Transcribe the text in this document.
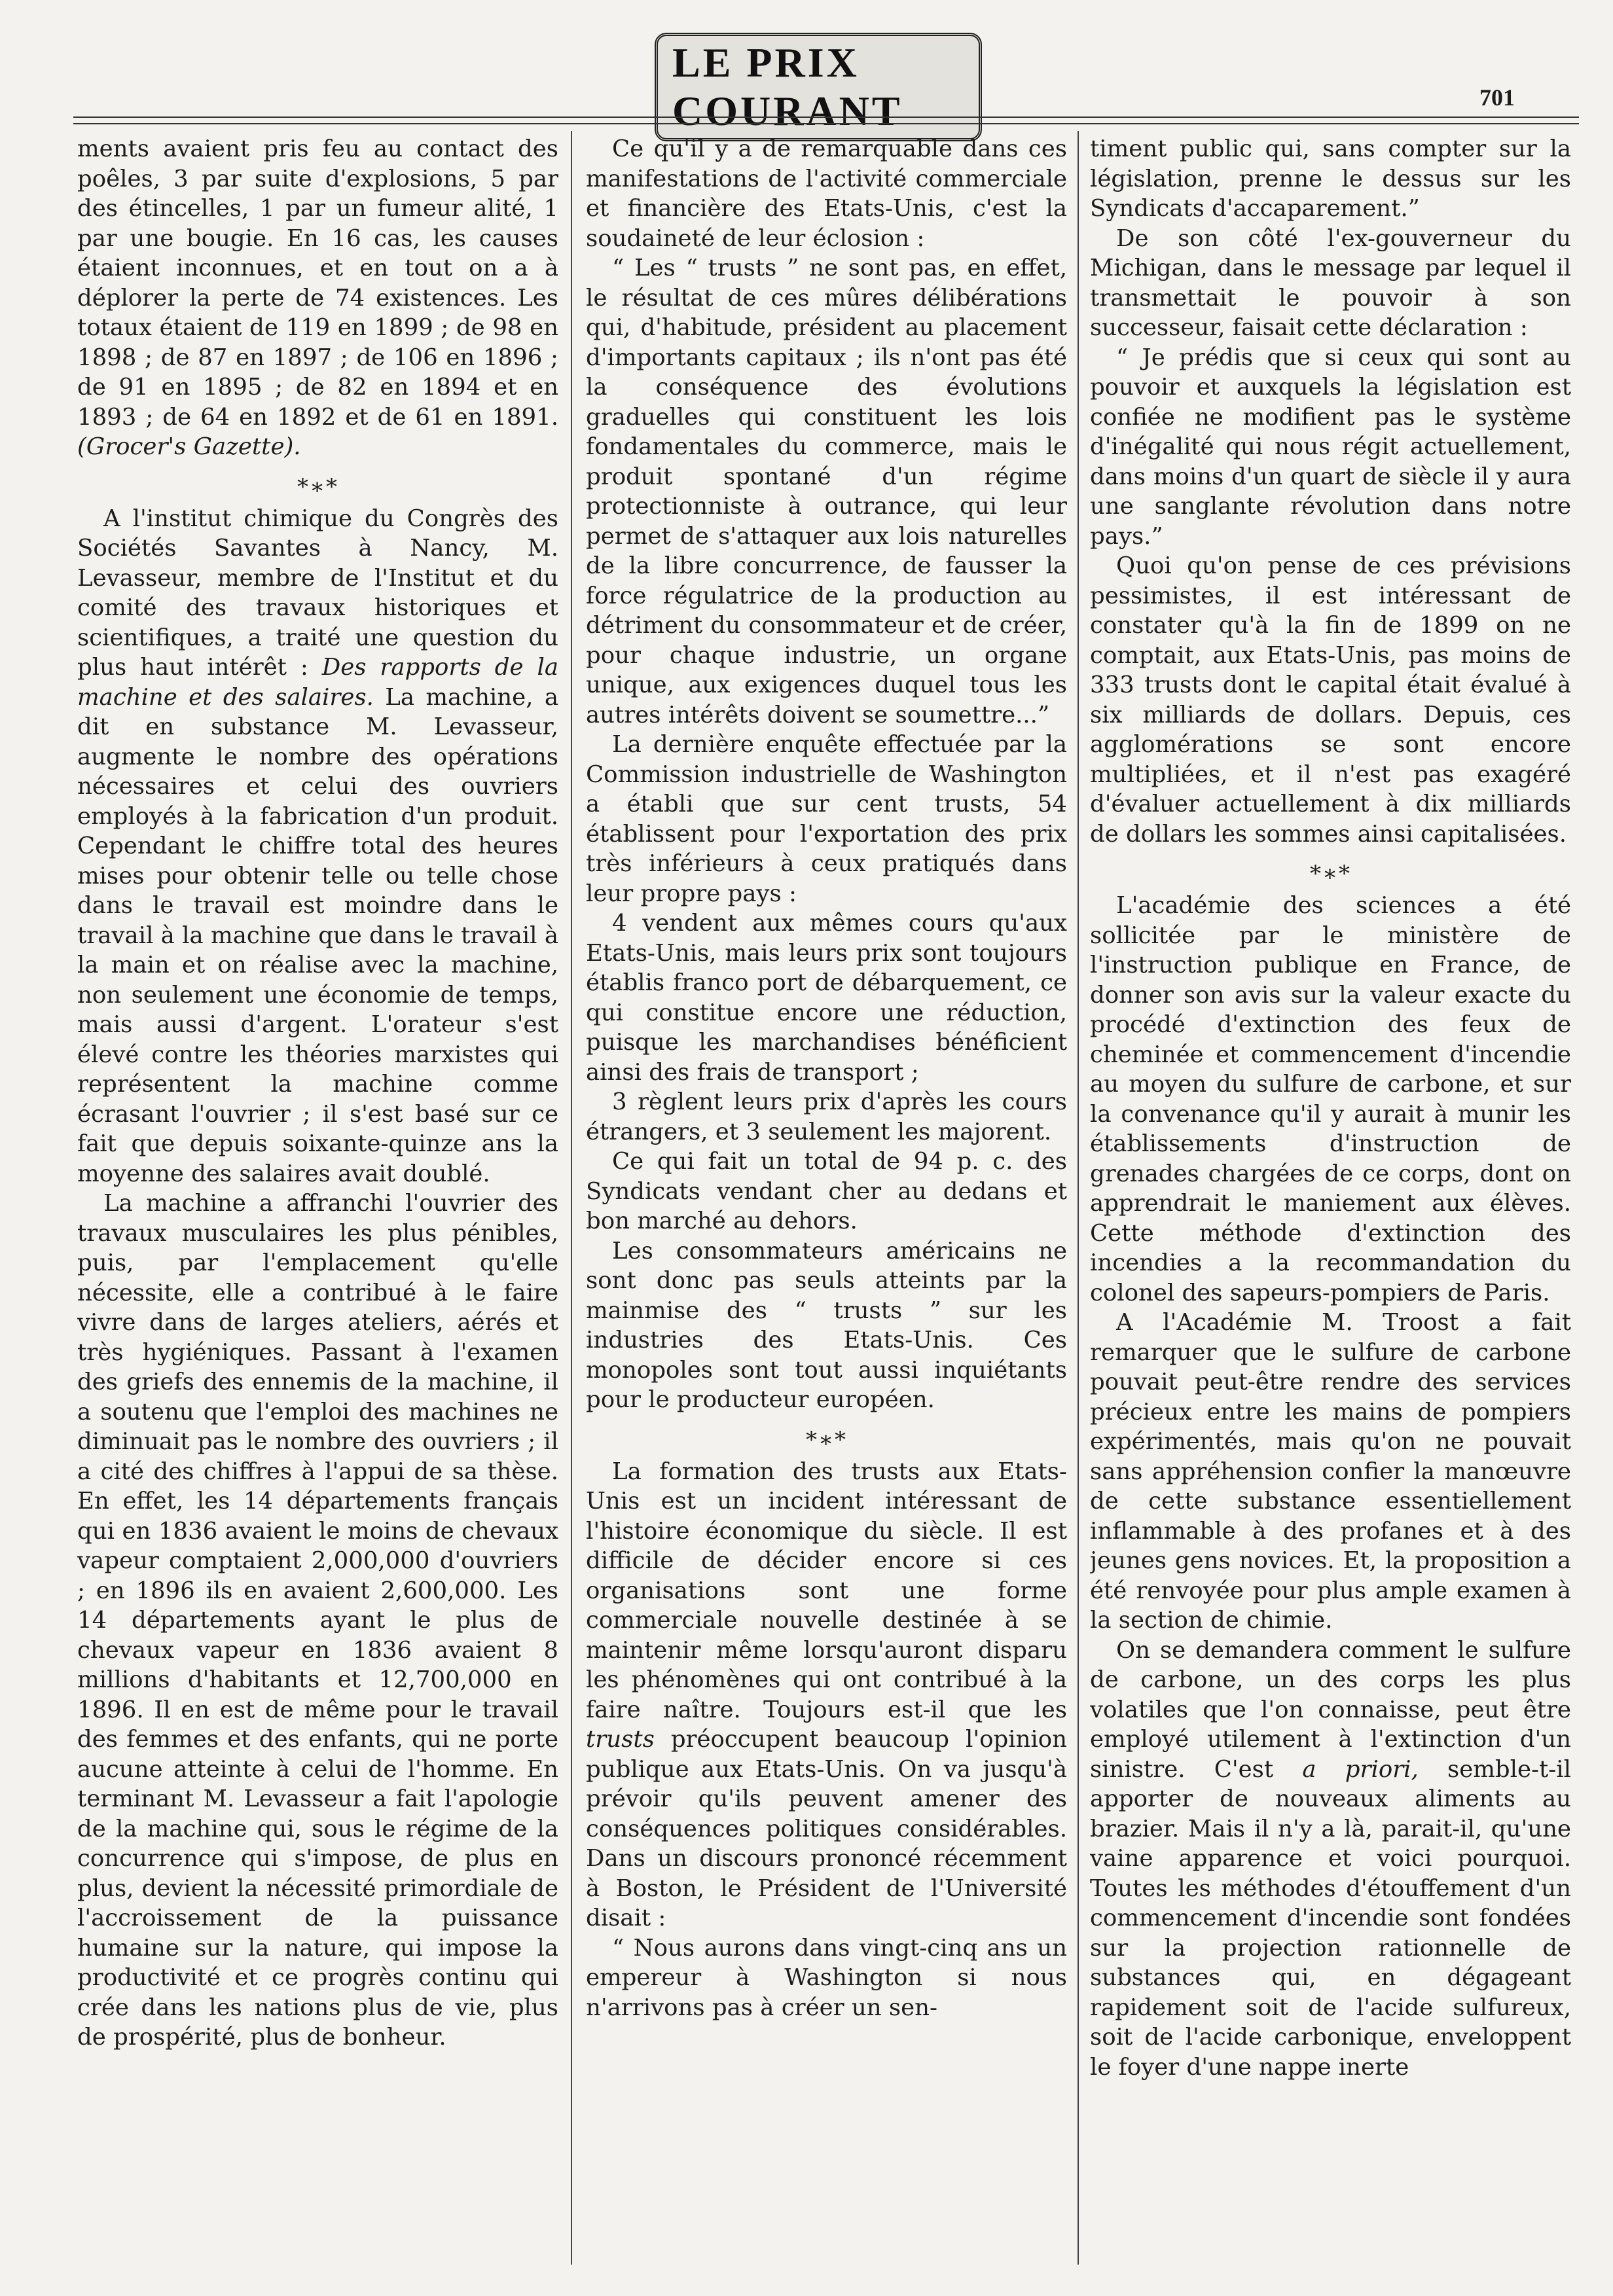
LE PRIX COURANT	701

ments avaient pris feu au contact des poêles, 3 par suite d'explosions, 5 par des étincelles, 1 par un fumeur alité, 1 par une bougie. En 16 cas, les causes étaient inconnues, et en tout on a à déplorer la perte de 74 existences. Les totaux étaient de 119 en 1899 ; de 98 en 1898 ; de 87 en 1897 ; de 106 en 1896 ; de 91 en 1895 ; de 82 en 1894 et en 1893 ; de 64 en 1892 et de 61 en 1891. (Grocer's Gazette).

*∗*

A l'institut chimique du Congrès des Sociétés Savantes à Nancy, M. Levasseur, membre de l'Institut et du comité des travaux historiques et scientifiques, a traité une question du plus haut intérêt : Des rapports de la machine et des salaires. La machine, a dit en substance M. Levasseur, augmente le nombre des opérations nécessaires et celui des ouvriers employés à la fabrication d'un produit. Cependant le chiffre total des heures mises pour obtenir telle ou telle chose dans le travail est moindre dans le travail à la machine que dans le travail à la main et on réalise avec la machine, non seulement une économie de temps, mais aussi d'argent. L'orateur s'est élevé contre les théories marxistes qui représentent la machine comme écrasant l'ouvrier ; il s'est basé sur ce fait que depuis soixante-quinze ans la moyenne des salaires avait doublé.

La machine a affranchi l'ouvrier des travaux musculaires les plus pénibles, puis, par l'emplacement qu'elle nécessite, elle a contribué à le faire vivre dans de larges ateliers, aérés et très hygiéniques. Passant à l'examen des griefs des ennemis de la machine, il a soutenu que l'emploi des machines ne diminuait pas le nombre des ouvriers ; il a cité des chiffres à l'appui de sa thèse. En effet, les 14 départements français qui en 1836 avaient le moins de chevaux vapeur comptaient 2,000,000 d'ouvriers ; en 1896 ils en avaient 2,600,000. Les 14 départements ayant le plus de chevaux vapeur en 1836 avaient 8 millions d'habitants et 12,700,000 en 1896. Il en est de même pour le travail des femmes et des enfants, qui ne porte aucune atteinte à celui de l'homme. En terminant M. Levasseur a fait l'apologie de la machine qui, sous le régime de la concurrence qui s'impose, de plus en plus, devient la nécessité primordiale de l'accroissement de la puissance humaine sur la nature, qui impose la productivité et ce progrès continu qui crée dans les nations plus de vie, plus de prospérité, plus de bonheur.

Ce qu'il y a de remarquable dans ces manifestations de l'activité commerciale et financière des Etats-Unis, c'est la soudaineté de leur éclosion :

“ Les “ trusts ” ne sont pas, en effet, le résultat de ces mûres délibérations qui, d'habitude, président au placement d'importants capitaux ; ils n'ont pas été la conséquence des évolutions graduelles qui constituent les lois fondamentales du commerce, mais le produit spontané d'un régime protectionniste à outrance, qui leur permet de s'attaquer aux lois naturelles de la libre concurrence, de fausser la force régulatrice de la production au détriment du consommateur et de créer, pour chaque industrie, un organe unique, aux exigences duquel tous les autres intérêts doivent se soumettre...”

La dernière enquête effectuée par la Commission industrielle de Washington a établi que sur cent trusts, 54 établissent pour l'exportation des prix très inférieurs à ceux pratiqués dans leur propre pays :

4 vendent aux mêmes cours qu'aux Etats-Unis, mais leurs prix sont toujours établis franco port de débarquement, ce qui constitue encore une réduction, puisque les marchandises bénéficient ainsi des frais de transport ;

3 règlent leurs prix d'après les cours étrangers, et 3 seulement les majorent.

Ce qui fait un total de 94 p. c. des Syndicats vendant cher au dedans et bon marché au dehors.

Les consommateurs américains ne sont donc pas seuls atteints par la mainmise des “ trusts ” sur les industries des Etats-Unis. Ces monopoles sont tout aussi inquiétants pour le producteur européen.

*∗*

La formation des trusts aux Etats-Unis est un incident intéressant de l'histoire économique du siècle. Il est difficile de décider encore si ces organisations sont une forme commerciale nouvelle destinée à se maintenir même lorsqu'auront disparu les phénomènes qui ont contribué à la faire naître. Toujours est-il que les trusts préoccupent beaucoup l'opinion publique aux Etats-Unis. On va jusqu'à prévoir qu'ils peuvent amener des conséquences politiques considérables. Dans un discours prononcé récemment à Boston, le Président de l'Université disait :

“ Nous aurons dans vingt-cinq ans un empereur à Washington si nous n'arrivons pas à créer un sen-

timent public qui, sans compter sur la législation, prenne le dessus sur les Syndicats d'accaparement.”

De son côté l'ex-gouverneur du Michigan, dans le message par lequel il transmettait le pouvoir à son successeur, faisait cette déclaration :

“ Je prédis que si ceux qui sont au pouvoir et auxquels la législation est confiée ne modifient pas le système d'inégalité qui nous régit actuellement, dans moins d'un quart de siècle il y aura une sanglante révolution dans notre pays.”

Quoi qu'on pense de ces prévisions pessimistes, il est intéressant de constater qu'à la fin de 1899 on ne comptait, aux Etats-Unis, pas moins de 333 trusts dont le capital était évalué à six milliards de dollars. Depuis, ces agglomérations se sont encore multipliées, et il n'est pas exagéré d'évaluer actuellement à dix milliards de dollars les sommes ainsi capitalisées.

*∗*

L'académie des sciences a été sollicitée par le ministère de l'instruction publique en France, de donner son avis sur la valeur exacte du procédé d'extinction des feux de cheminée et commencement d'incendie au moyen du sulfure de carbone, et sur la convenance qu'il y aurait à munir les établissements d'instruction de grenades chargées de ce corps, dont on apprendrait le maniement aux élèves. Cette méthode d'extinction des incendies a la recommandation du colonel des sapeurs-pompiers de Paris.

A l'Académie M. Troost a fait remarquer que le sulfure de carbone pouvait peut-être rendre des services précieux entre les mains de pompiers expérimentés, mais qu'on ne pouvait sans appréhension confier la manœuvre de cette substance essentiellement inflammable à des profanes et à des jeunes gens novices. Et, la proposition a été renvoyée pour plus ample examen à la section de chimie.

On se demandera comment le sulfure de carbone, un des corps les plus volatiles que l'on connaisse, peut être employé utilement à l'extinction d'un sinistre. C'est a priori, semble-t-il apporter de nouveaux aliments au brazier. Mais il n'y a là, parait-il, qu'une vaine apparence et voici pourquoi. Toutes les méthodes d'étouffement d'un commencement d'incendie sont fondées sur la projection rationnelle de substances qui, en dégageant rapidement soit de l'acide sulfureux, soit de l'acide carbonique, enveloppent le foyer d'une nappe inerte
